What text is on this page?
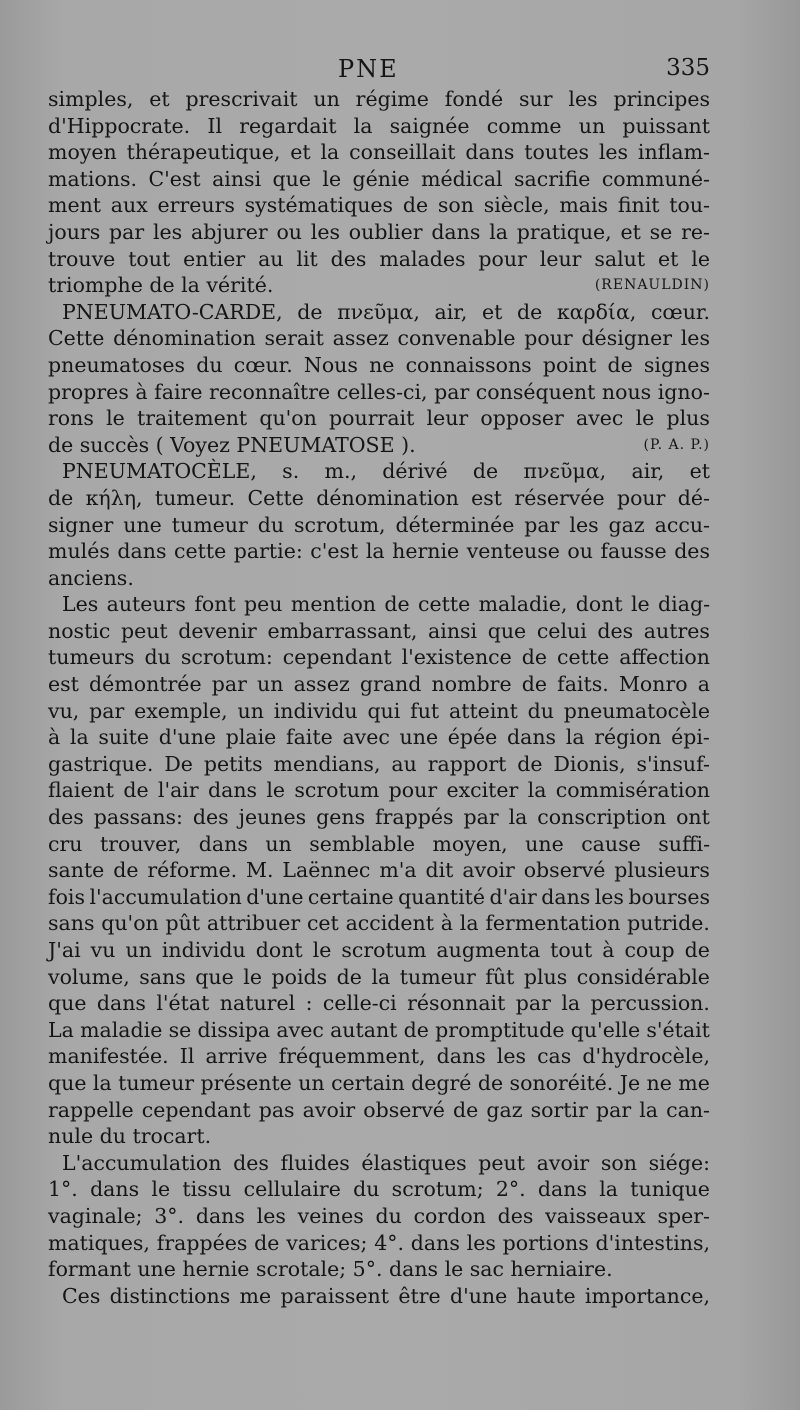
PNE	335
simples, et prescrivait un régime fondé sur les principes
d'Hippocrate. Il regardait la saignée comme un puissant
moyen thérapeutique, et la conseillait dans toutes les inflam-
mations. C'est ainsi que le génie médical sacrifie communé-
ment aux erreurs systématiques de son siècle, mais finit tou-
jours par les abjurer ou les oublier dans la pratique, et se re-
trouve tout entier au lit des malades pour leur salut et le
triomphe de la vérité.	(RENAULDIN)
PNEUMATO-CARDE, de πνεῦμα, air, et de καρδία, cœur.
Cette dénomination serait assez convenable pour désigner les
pneumatoses du cœur. Nous ne connaissons point de signes
propres à faire reconnaître celles-ci, par conséquent nous igno-
rons le traitement qu'on pourrait leur opposer avec le plus
de succès ( Voyez PNEUMATOSE ).	(P. A. P.)
PNEUMATOCÈLE, s. m., dérivé de πνεῦμα, air, et
de κήλη, tumeur. Cette dénomination est réservée pour dé-
signer une tumeur du scrotum, déterminée par les gaz accu-
mulés dans cette partie: c'est la hernie venteuse ou fausse des
anciens.
Les auteurs font peu mention de cette maladie, dont le diag-
nostic peut devenir embarrassant, ainsi que celui des autres
tumeurs du scrotum: cependant l'existence de cette affection
est démontrée par un assez grand nombre de faits. Monro a
vu, par exemple, un individu qui fut atteint du pneumatocèle
à la suite d'une plaie faite avec une épée dans la région épi-
gastrique. De petits mendians, au rapport de Dionis, s'insuf-
flaient de l'air dans le scrotum pour exciter la commisération
des passans: des jeunes gens frappés par la conscription ont
cru trouver, dans un semblable moyen, une cause suffi-
sante de réforme. M. Laënnec m'a dit avoir observé plusieurs
fois l'accumulation d'une certaine quantité d'air dans les bourses
sans qu'on pût attribuer cet accident à la fermentation putride.
J'ai vu un individu dont le scrotum augmenta tout à coup de
volume, sans que le poids de la tumeur fût plus considérable
que dans l'état naturel : celle-ci résonnait par la percussion.
La maladie se dissipa avec autant de promptitude qu'elle s'était
manifestée. Il arrive fréquemment, dans les cas d'hydrocèle,
que la tumeur présente un certain degré de sonoréité. Je ne me
rappelle cependant pas avoir observé de gaz sortir par la can-
nule du trocart.
L'accumulation des fluides élastiques peut avoir son siége:
1°. dans le tissu cellulaire du scrotum; 2°. dans la tunique
vaginale; 3°. dans les veines du cordon des vaisseaux sper-
matiques, frappées de varices; 4°. dans les portions d'intestins,
formant une hernie scrotale; 5°. dans le sac herniaire.
Ces distinctions me paraissent être d'une haute importance,
